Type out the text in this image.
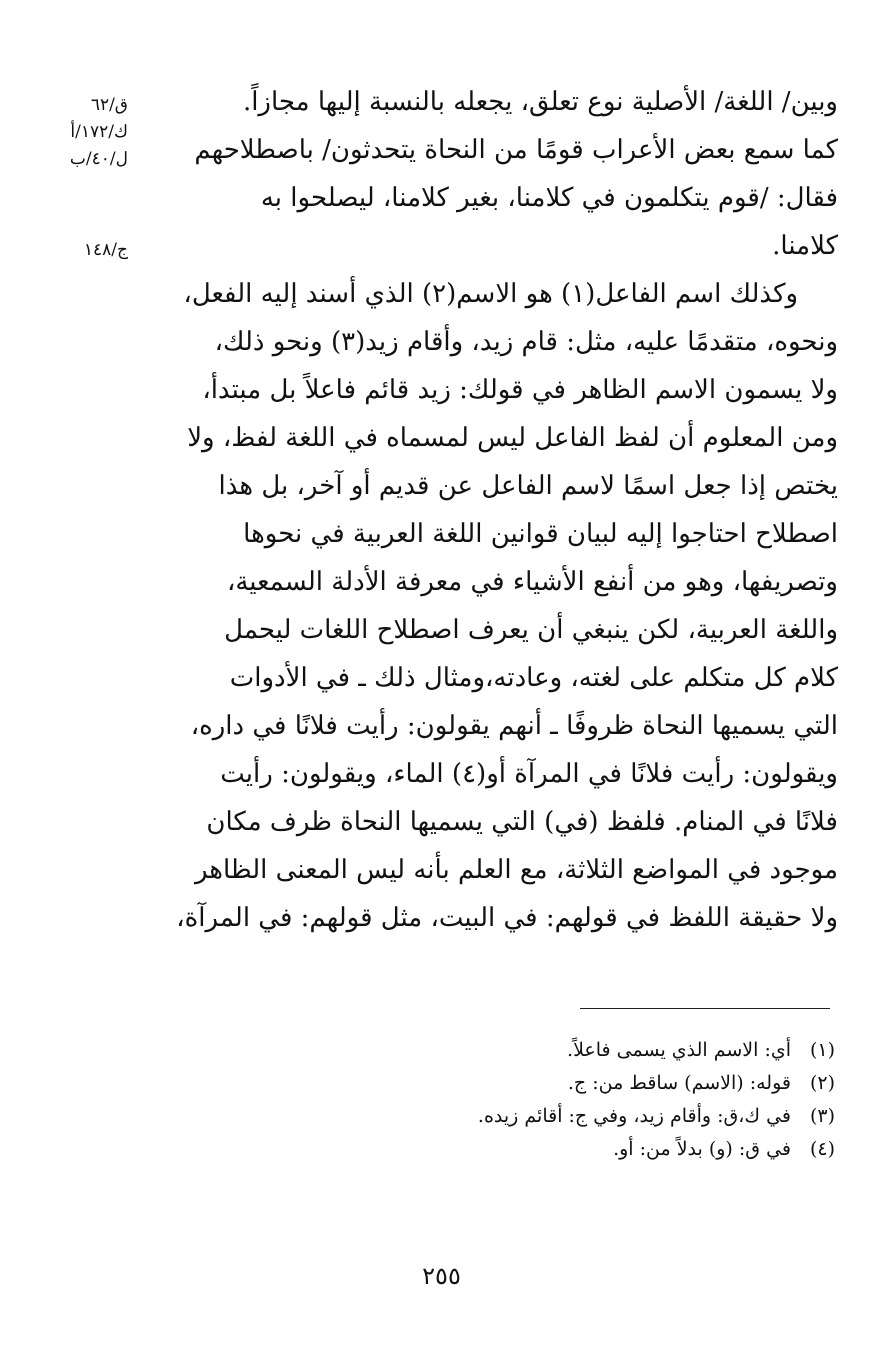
ق/٦٢
ك/١٧٢/أ
ل/٤٠/ب
ج/١٤٨

وبين/ اللغة/ الأصلية نوع تعلق، يجعله بالنسبة إليها مجازاً.
كما سمع بعض الأعراب قومًا من النحاة يتحدثون/ باصطلاحهم
فقال: /قوم يتكلمون في كلامنا، بغير كلامنا، ليصلحوا به
كلامنا.

وكذلك اسم الفاعل(١) هو الاسم(٢) الذي أسند إليه الفعل،
ونحوه، متقدمًا عليه، مثل: قام زيد، وأقام زيد(٣) ونحو ذلك،
ولا يسمون الاسم الظاهر في قولك: زيد قائم فاعلاً بل مبتدأ،
ومن المعلوم أن لفظ الفاعل ليس لمسماه في اللغة لفظ، ولا
يختص إذا جعل اسمًا لاسم الفاعل عن قديم أو آخر، بل هذا
اصطلاح احتاجوا إليه لبيان قوانين اللغة العربية في نحوها
وتصريفها، وهو من أنفع الأشياء في معرفة الأدلة السمعية،
واللغة العربية، لكن ينبغي أن يعرف اصطلاح اللغات ليحمل
كلام كل متكلم على لغته، وعادته،ومثال ذلك ـ في الأدوات
التي يسميها النحاة ظروفًا ـ أنهم يقولون: رأيت فلانًا في داره،
ويقولون: رأيت فلانًا في المرآة أو(٤) الماء، ويقولون: رأيت
فلانًا في المنام. فلفظ (في) التي يسميها النحاة ظرف مكان
موجود في المواضع الثلاثة، مع العلم بأنه ليس المعنى الظاهر
ولا حقيقة اللفظ في قولهم: في البيت، مثل قولهم: في المرآة،

(١)أي: الاسم الذي يسمى فاعلاً.
(٢)قوله: (الاسم) ساقط من: ج.
(٣)في ك،ق: وأقام زيد، وفي ج: أقائم زيده.
(٤)في ق: (و) بدلاً من: أو.
٢٥٥
